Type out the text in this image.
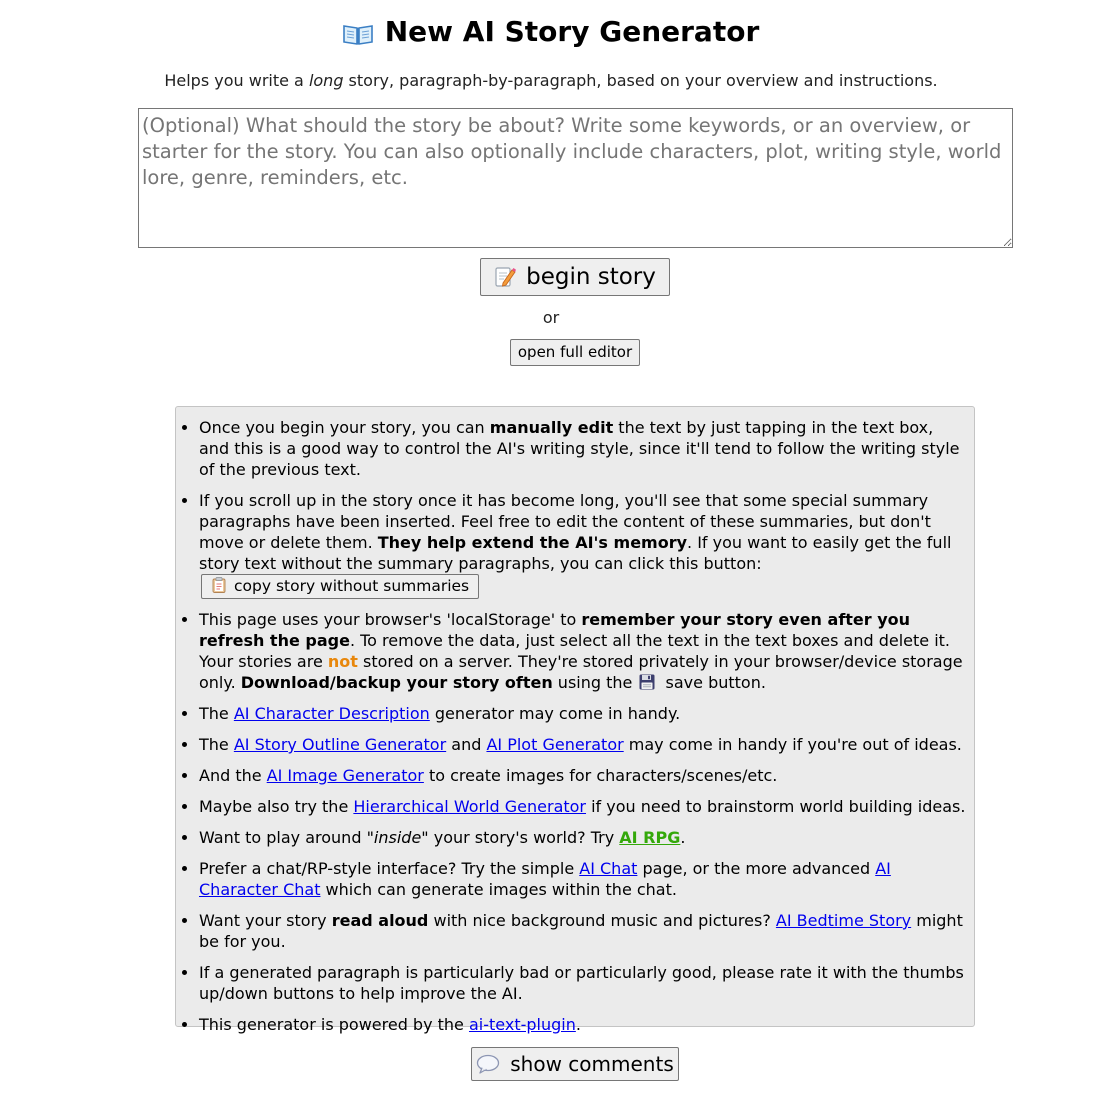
New AI Story Generator
Helps you write a long story, paragraph-by-paragraph, based on your overview and instructions.
(Optional) What should the story be about? Write some keywords, or an overview, or starter for the story. You can also optionally include characters, plot, writing style, world lore, genre, reminders, etc.
begin story
or
open full editor
• Once you begin your story, you can manually edit the text by just tapping in the text box, and this is a good way to control the AI's writing style, since it'll tend to follow the writing style of the previous text.
• If you scroll up in the story once it has become long, you'll see that some special summary paragraphs have been inserted. Feel free to edit the content of these summaries, but don't move or delete them. They help extend the AI's memory. If you want to easily get the full story text without the summary paragraphs, you can click this button: copy story without summaries
• This page uses your browser's 'localStorage' to remember your story even after you refresh the page. To remove the data, just select all the text in the text boxes and delete it. Your stories are not stored on a server. They're stored privately in your browser/device storage only. Download/backup your story often using the  save button.
• The AI Character Description generator may come in handy.
• The AI Story Outline Generator and AI Plot Generator may come in handy if you're out of ideas.
• And the AI Image Generator to create images for characters/scenes/etc.
• Maybe also try the Hierarchical World Generator if you need to brainstorm world building ideas.
• Want to play around "inside" your story's world? Try AI RPG.
• Prefer a chat/RP-style interface? Try the simple AI Chat page, or the more advanced AI Character Chat which can generate images within the chat.
• Want your story read aloud with nice background music and pictures? AI Bedtime Story might be for you.
• If a generated paragraph is particularly bad or particularly good, please rate it with the thumbs up/down buttons to help improve the AI.
• This generator is powered by the ai-text-plugin.
show comments
